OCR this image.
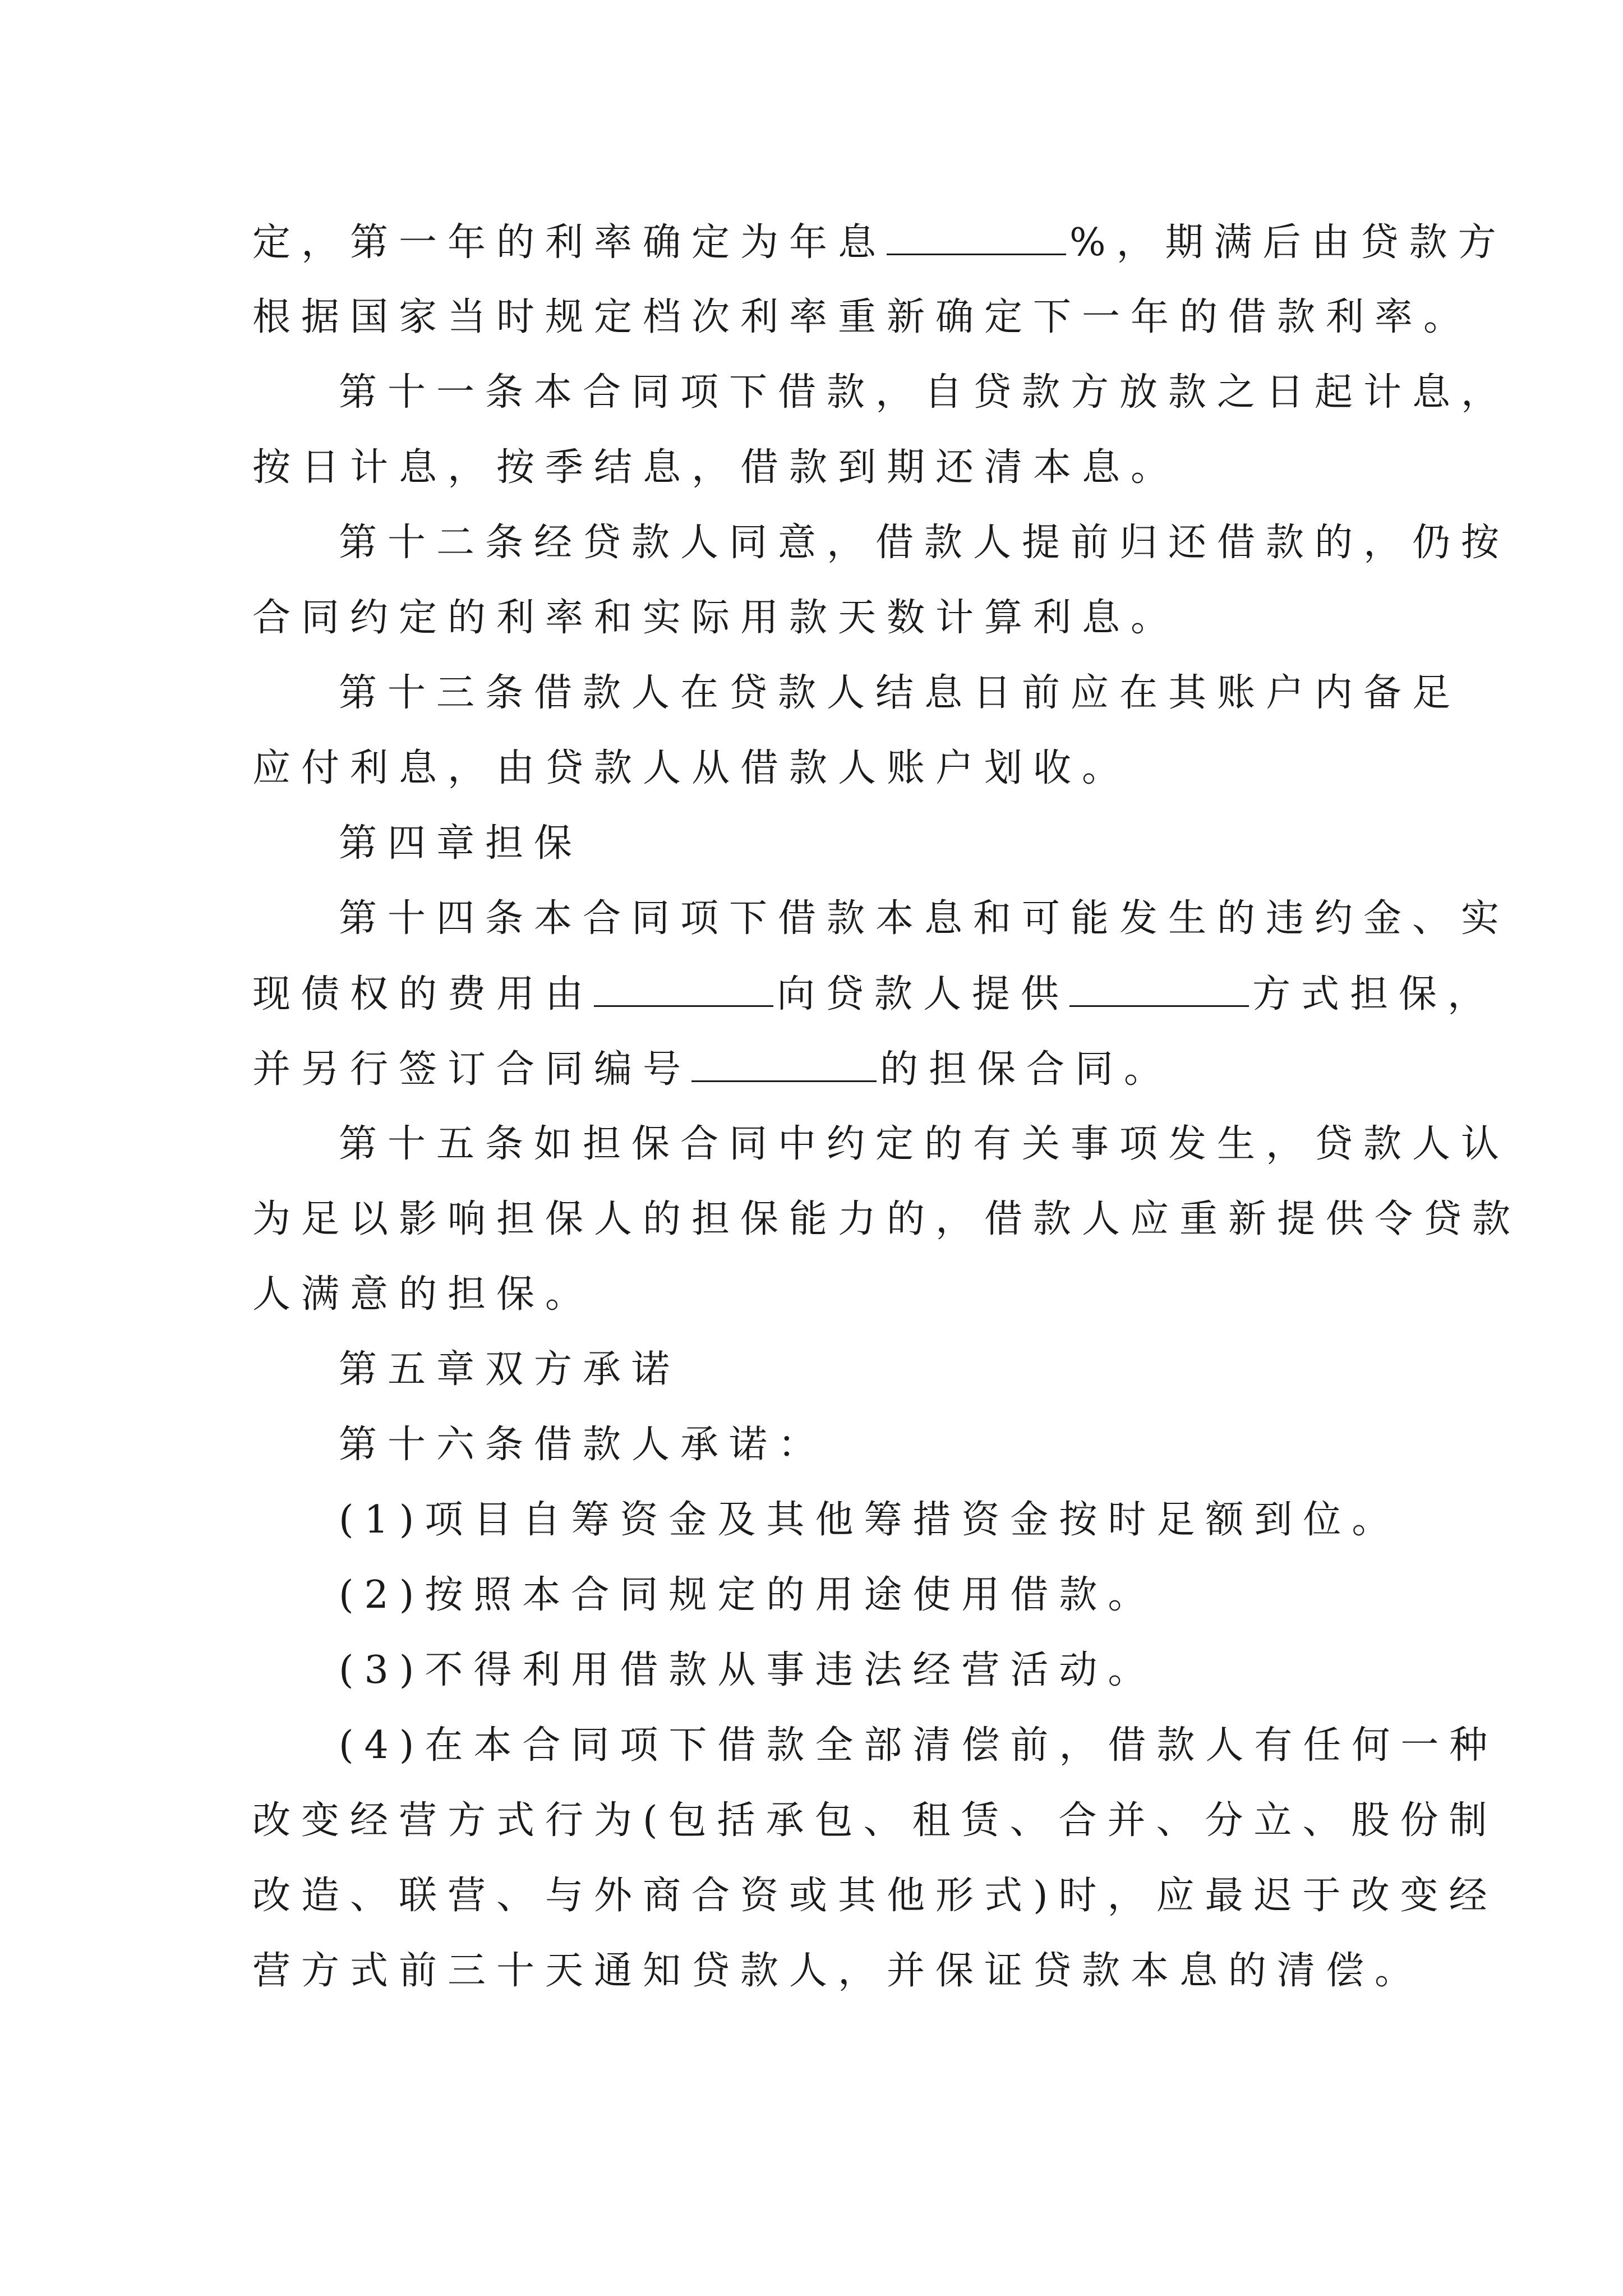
定，第一年的利率确定为年息	%，期满后由贷款方

根据国家当时规定档次利率重新确定下一年的借款利率。

第十一条本合同项下借款，自贷款方放款之日起计息，

按日计息，按季结息，借款到期还清本息。

第十二条经贷款人同意，借款人提前归还借款的，仍按

合同约定的利率和实际用款天数计算利息。

第十三条借款人在贷款人结息日前应在其账户内备足

应付利息，由贷款人从借款人账户划收。

第四章担保

第十四条本合同项下借款本息和可能发生的违约金、实

现债权的费用由	向贷款人提供	方式担保，

并另行签订合同编号	的担保合同。

第十五条如担保合同中约定的有关事项发生，贷款人认

为足以影响担保人的担保能力的，借款人应重新提供令贷款

人满意的担保。

第五章双方承诺

第十六条借款人承诺：

(1)项目自筹资金及其他筹措资金按时足额到位。

(2)按照本合同规定的用途使用借款。

(3)不得利用借款从事违法经营活动。

(4)在本合同项下借款全部清偿前，借款人有任何一种

改变经营方式行为(包括承包、租赁、合并、分立、股份制

改造、联营、与外商合资或其他形式)时，应最迟于改变经

营方式前三十天通知贷款人，并保证贷款本息的清偿。
